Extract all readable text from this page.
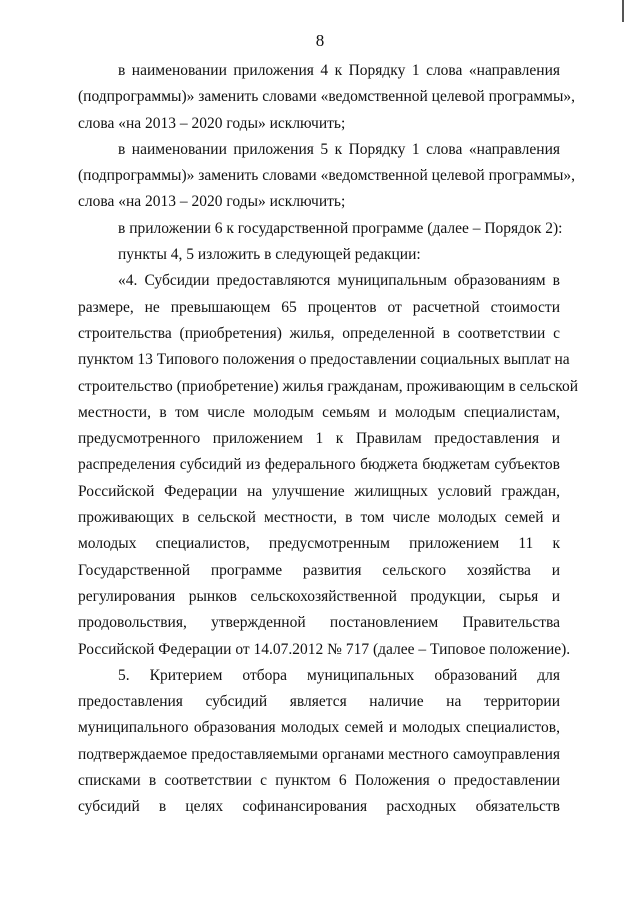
8
в наименовании приложения 4 к Порядку 1 слова «направления
(подпрограммы)» заменить словами «ведомственной целевой программы»,
слова «на 2013 – 2020 годы» исключить;
в наименовании приложения 5 к Порядку 1 слова «направления
(подпрограммы)» заменить словами «ведомственной целевой программы»,
слова «на 2013 – 2020 годы» исключить;
в приложении 6 к государственной программе (далее – Порядок 2):
пункты 4, 5 изложить в следующей редакции:
«4. Субсидии предоставляются муниципальным образованиям в
размере, не превышающем 65 процентов от расчетной стоимости
строительства (приобретения) жилья, определенной в соответствии с
пунктом 13 Типового положения о предоставлении социальных выплат на
строительство (приобретение) жилья гражданам, проживающим в сельской
местности, в том числе молодым семьям и молодым специалистам,
предусмотренного приложением 1 к Правилам предоставления и
распределения субсидий из федерального бюджета бюджетам субъектов
Российской Федерации на улучшение жилищных условий граждан,
проживающих в сельской местности, в том числе молодых семей и
молодых специалистов, предусмотренным приложением 11 к
Государственной программе развития сельского хозяйства и
регулирования рынков сельскохозяйственной продукции, сырья и
продовольствия, утвержденной постановлением Правительства
Российской Федерации от 14.07.2012 № 717 (далее – Типовое положение).
5. Критерием отбора муниципальных образований для
предоставления субсидий является наличие на территории
муниципального образования молодых семей и молодых специалистов,
подтверждаемое предоставляемыми органами местного самоуправления
списками в соответствии с пунктом 6 Положения о предоставлении
субсидий в целях софинансирования расходных обязательств
